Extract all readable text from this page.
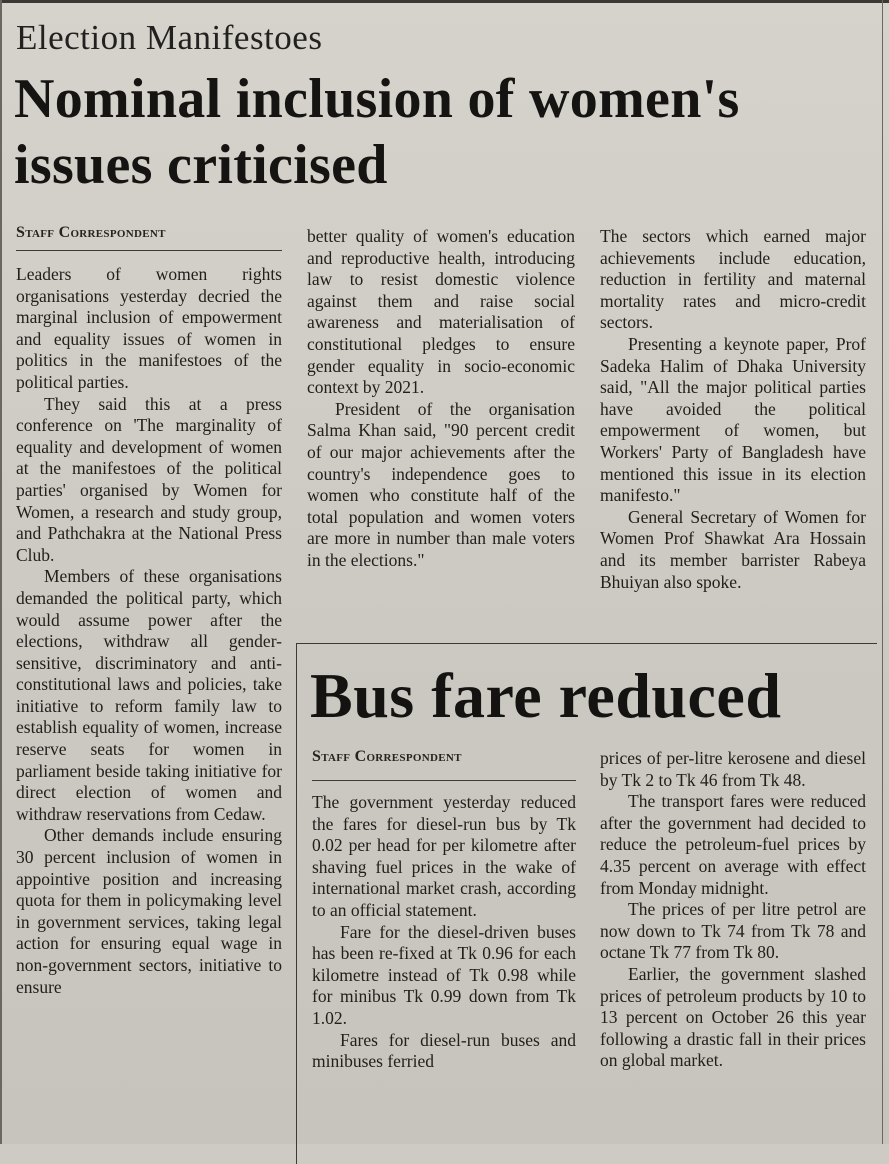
Election Manifestoes
Nominal inclusion of women's issues criticised
Staff Correspondent

Leaders of women rights organisations yesterday decried the marginal inclusion of empowerment and equality issues of women in politics in the manifestoes of the political parties.

They said this at a press conference on 'The marginality of equality and development of women at the manifestoes of the political parties' organised by Women for Women, a research and study group, and Pathchakra at the National Press Club.

Members of these organisations demanded the political party, which would assume power after the elections, withdraw all gender-sensitive, discriminatory and anti-constitutional laws and policies, take initiative to reform family law to establish equality of women, increase reserve seats for women in parliament beside taking initiative for direct election of women and withdraw reservations from Cedaw.

Other demands include ensuring 30 percent inclusion of women in appointive position and increasing quota for them in policymaking level in government services, taking legal action for ensuring equal wage in non-government sectors, initiative to ensure

better quality of women's education and reproductive health, introducing law to resist domestic violence against them and raise social awareness and materialisation of constitutional pledges to ensure gender equality in socio-economic context by 2021.

President of the organisation Salma Khan said, "90 percent credit of our major achievements after the country's independence goes to women who constitute half of the total population and women voters are more in number than male voters in the elections."

The sectors which earned major achievements include education, reduction in fertility and maternal mortality rates and micro-credit sectors.

Presenting a keynote paper, Prof Sadeka Halim of Dhaka University said, "All the major political parties have avoided the political empowerment of women, but Workers' Party of Bangladesh have mentioned this issue in its election manifesto."

General Secretary of Women for Women Prof Shawkat Ara Hossain and its member barrister Rabeya Bhuiyan also spoke.

Bus fare reduced
Staff Correspondent

The government yesterday reduced the fares for diesel-run bus by Tk 0.02 per head for per kilometre after shaving fuel prices in the wake of international market crash, according to an official statement.

Fare for the diesel-driven buses has been re-fixed at Tk 0.96 for each kilometre instead of Tk 0.98 while for minibus Tk 0.99 down from Tk 1.02.

Fares for diesel-run buses and minibuses ferried

prices of per-litre kerosene and diesel by Tk 2 to Tk 46 from Tk 48.

The transport fares were reduced after the government had decided to reduce the petroleum-fuel prices by 4.35 percent on average with effect from Monday midnight.

The prices of per litre petrol are now down to Tk 74 from Tk 78 and octane Tk 77 from Tk 80.

Earlier, the government slashed prices of petroleum products by 10 to 13 percent on October 26 this year following a drastic fall in their prices on global market.
